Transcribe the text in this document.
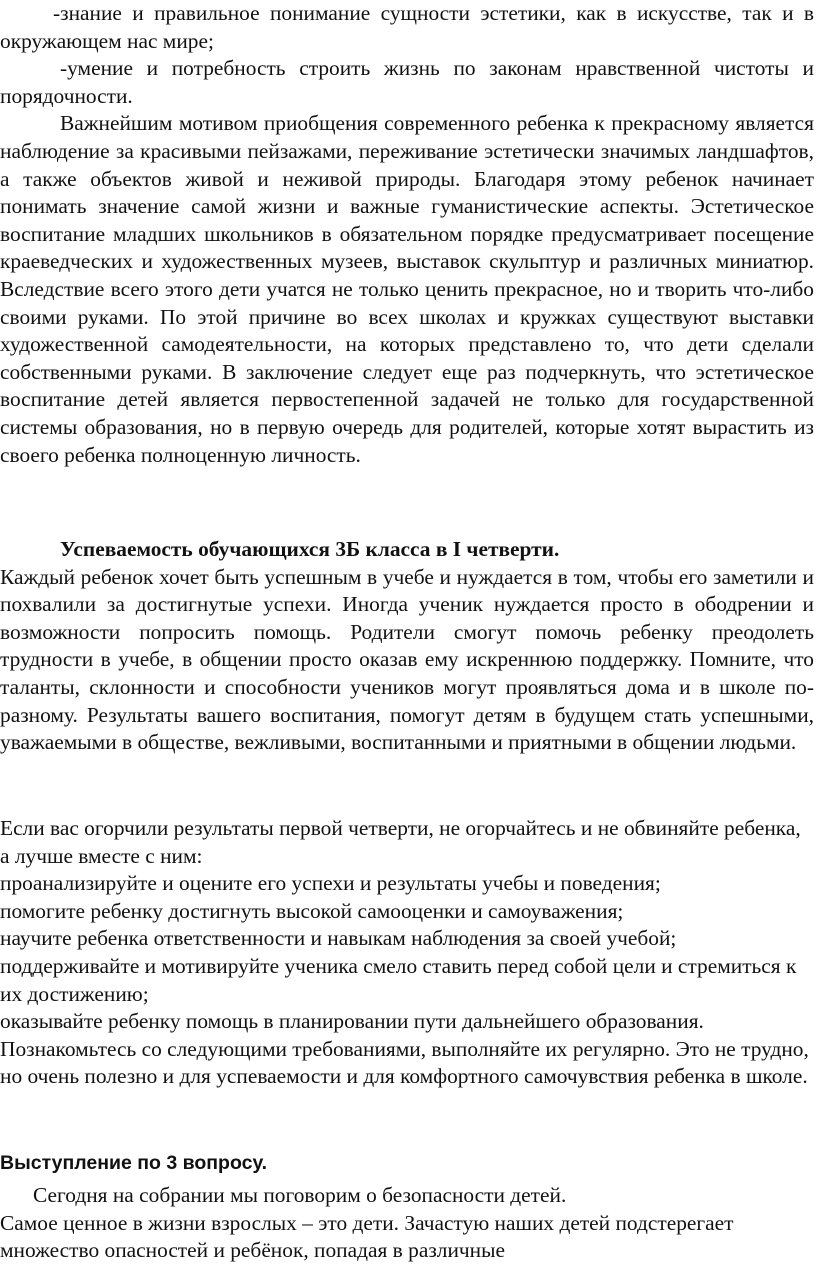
-знание и правильное понимание сущности эстетики, как в искусстве, так и в окружающем нас мире;

-умение и потребность строить жизнь по законам нравственной чистоты и порядочности.

Важнейшим мотивом приобщения современного ребенка к прекрасному является наблюдение за красивыми пейзажами, переживание эстетически значимых ландшафтов, а также объектов живой и неживой природы. Благодаря этому ребенок начинает понимать значение самой жизни и важные гуманистические аспекты. Эстетическое воспитание младших школьников в обязательном порядке предусматривает посещение краеведческих и художественных музеев, выставок скульптур и различных миниатюр. Вследствие всего этого дети учатся не только ценить прекрасное, но и творить что-либо своими руками. По этой причине во всех школах и кружках существуют выставки художественной самодеятельности, на которых представлено то, что дети сделали собственными руками. В заключение следует еще раз подчеркнуть, что эстетическое воспитание детей является первостепенной задачей не только для государственной системы образования, но в первую очередь для родителей, которые хотят вырастить из своего ребенка полноценную личность.

Успеваемость обучающихся 3Б класса в I четверти.

Каждый ребенок хочет быть успешным в учебе и нуждается в том, чтобы его заметили и похвалили за достигнутые успехи. Иногда ученик нуждается просто в ободрении и возможности попросить помощь. Родители смогут помочь ребенку преодолеть трудности в учебе, в общении просто оказав ему искреннюю поддержку. Помните, что таланты, склонности и способности учеников могут проявляться дома и в школе по-разному. Результаты вашего воспитания, помогут детям в будущем стать успешными, уважаемыми в обществе, вежливыми, воспитанными и приятными в общении людьми.

Если вас огорчили результаты первой четверти, не огорчайтесь и не обвиняйте ребенка, а лучше вместе с ним:

проанализируйте и оцените его успехи и результаты учебы и поведения;

помогите ребенку достигнуть высокой самооценки и самоуважения;

научите ребенка ответственности и навыкам наблюдения за своей учебой;

поддерживайте и мотивируйте ученика смело ставить перед собой цели и стремиться к их достижению;

оказывайте ребенку помощь в планировании пути дальнейшего образования.

Познакомьтесь со следующими требованиями, выполняйте их регулярно. Это не трудно, но очень полезно и для успеваемости и для комфортного самочувствия ребенка в школе.

Выступление по 3 вопросу.

Сегодня на собрании мы поговорим о безопасности детей.

Самое ценное в жизни взрослых – это дети. Зачастую наших детей подстерегает множество опасностей и ребёнок, попадая в различные
